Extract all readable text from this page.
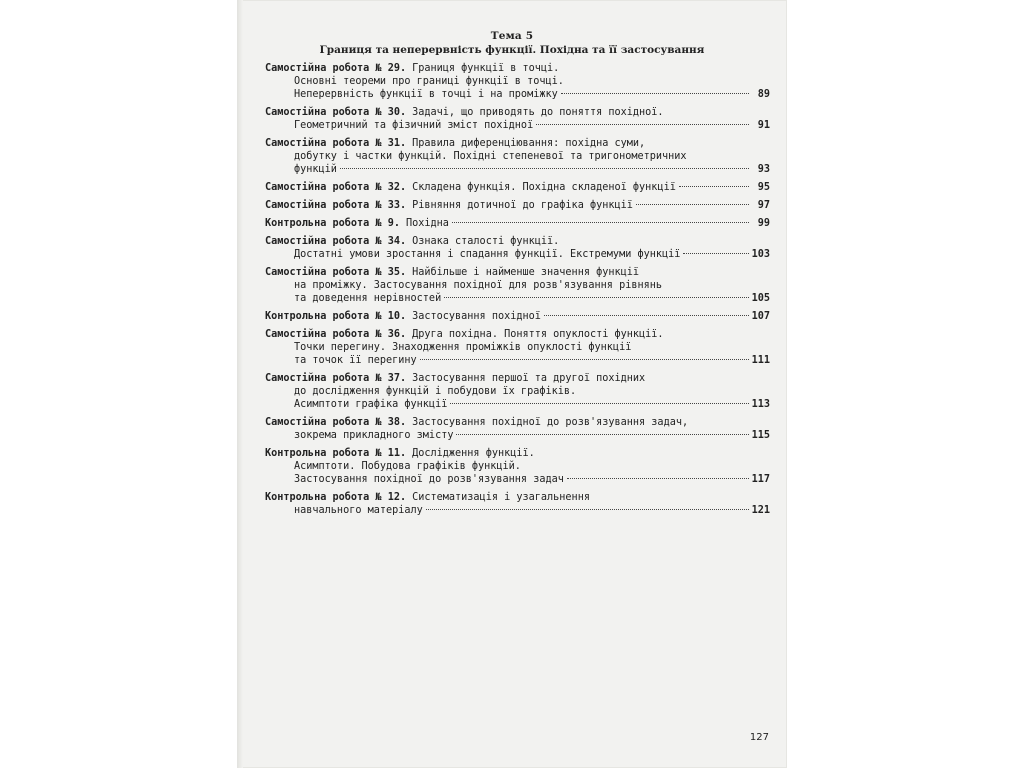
Тема 5
Границя та неперервність функції. Похідна та її застосування
Самостійна робота № 29. Границя функції в точці.
Основні теореми про границі функції в точці.
Неперервність функції в точці і на проміжку	89
Самостійна робота № 30. Задачі, що приводять до поняття похідної.
Геометричний та фізичний зміст похідної	91
Самостійна робота № 31. Правила диференціювання: похідна суми,
добутку і частки функцій. Похідні степеневої та тригонометричних
функцій	93
Самостійна робота № 32. Складена функція. Похідна складеної функції	95
Самостійна робота № 33. Рівняння дотичної до графіка функції	97
Контрольна робота № 9. Похідна	99
Самостійна робота № 34. Ознака сталості функції.
Достатні умови зростання і спадання функції. Екстремуми функції	103
Самостійна робота № 35. Найбільше і найменше значення функції
на проміжку. Застосування похідної для розв'язування рівнянь
та доведення нерівностей	105
Контрольна робота № 10. Застосування похідної	107
Самостійна робота № 36. Друга похідна. Поняття опуклості функції.
Точки перегину. Знаходження проміжків опуклості функції
та точок її перегину	111
Самостійна робота № 37. Застосування першої та другої похідних
до дослідження функцій і побудови їх графіків.
Асимптоти графіка функції	113
Самостійна робота № 38. Застосування похідної до розв'язування задач,
зокрема прикладного змісту	115
Контрольна робота № 11. Дослідження функції.
Асимптоти. Побудова графіків функцій.
Застосування похідної до розв'язування задач	117
Контрольна робота № 12. Систематизація і узагальнення
навчального матеріалу	121
127
